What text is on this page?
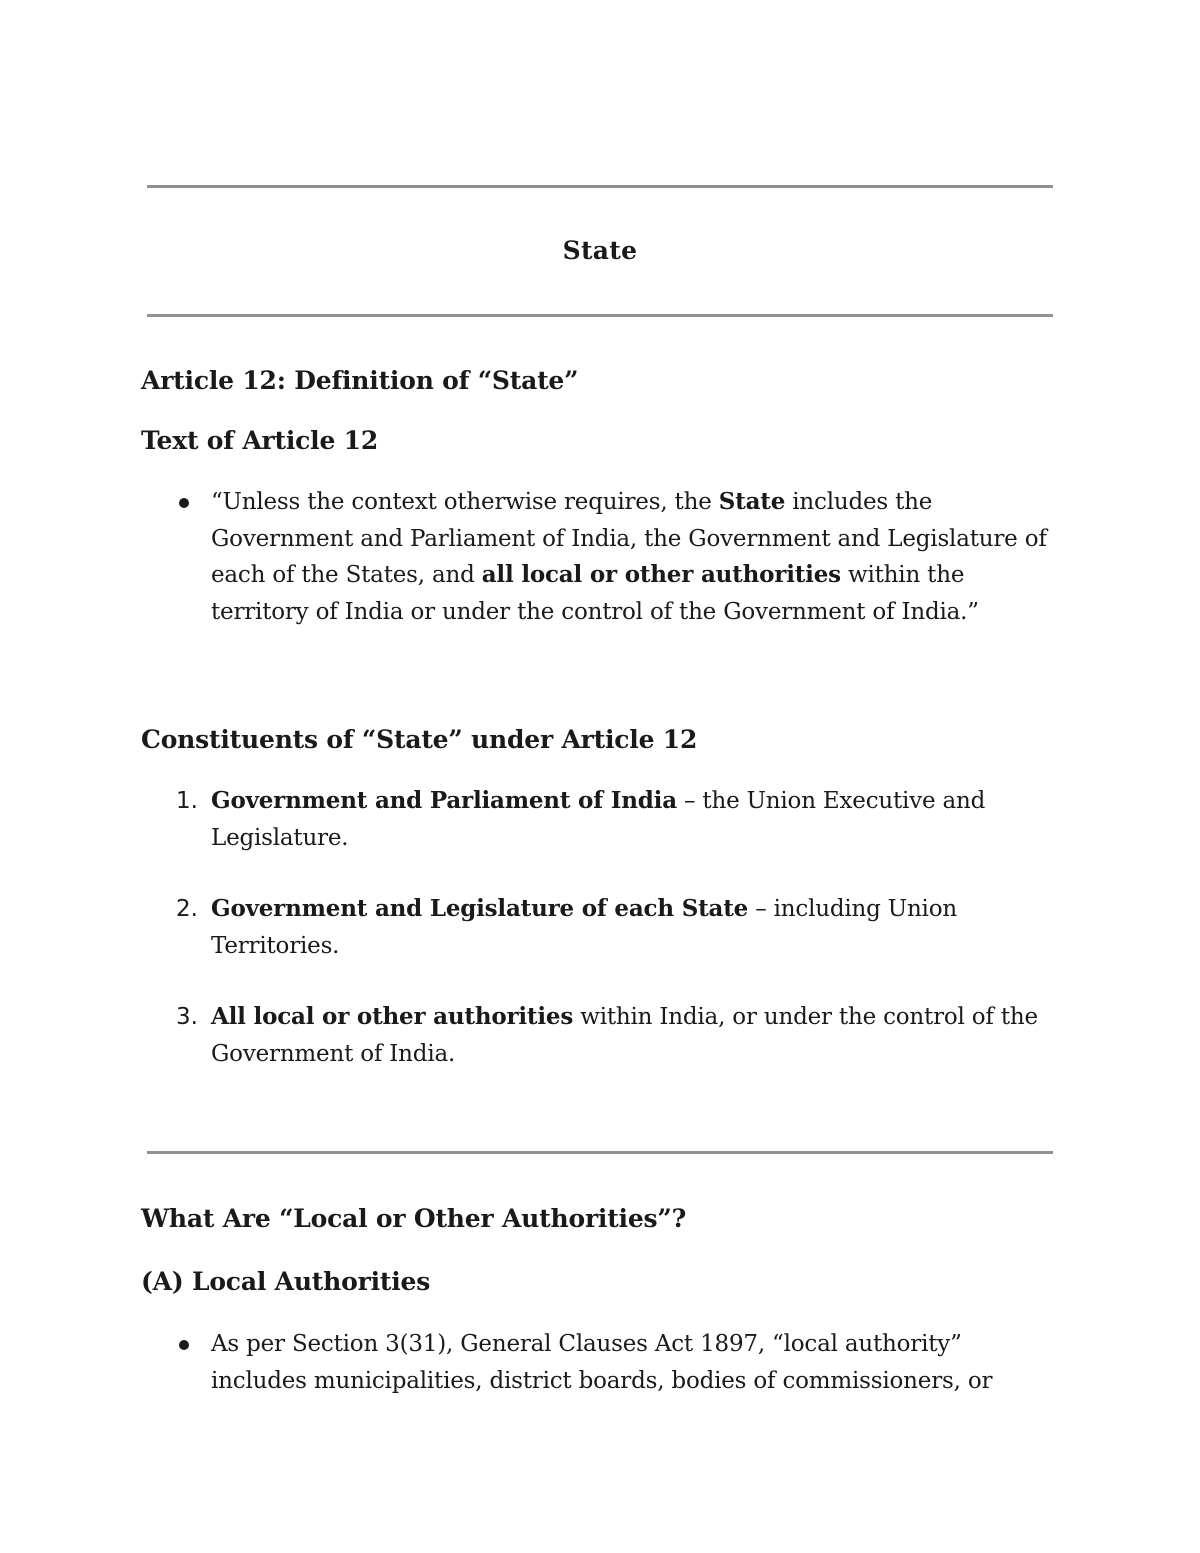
State
Article 12: Definition of “State”
Text of Article 12
“Unless the context otherwise requires, the State includes the Government and Parliament of India, the Government and Legislature of each of the States, and all local or other authorities within the territory of India or under the control of the Government of India.”
Constituents of “State” under Article 12
1. Government and Parliament of India – the Union Executive and Legislature.
2. Government and Legislature of each State – including Union Territories.
3. All local or other authorities within India, or under the control of the Government of India.
What Are “Local or Other Authorities”?
(A) Local Authorities
As per Section 3(31), General Clauses Act 1897, “local authority” includes municipalities, district boards, bodies of commissioners, or
